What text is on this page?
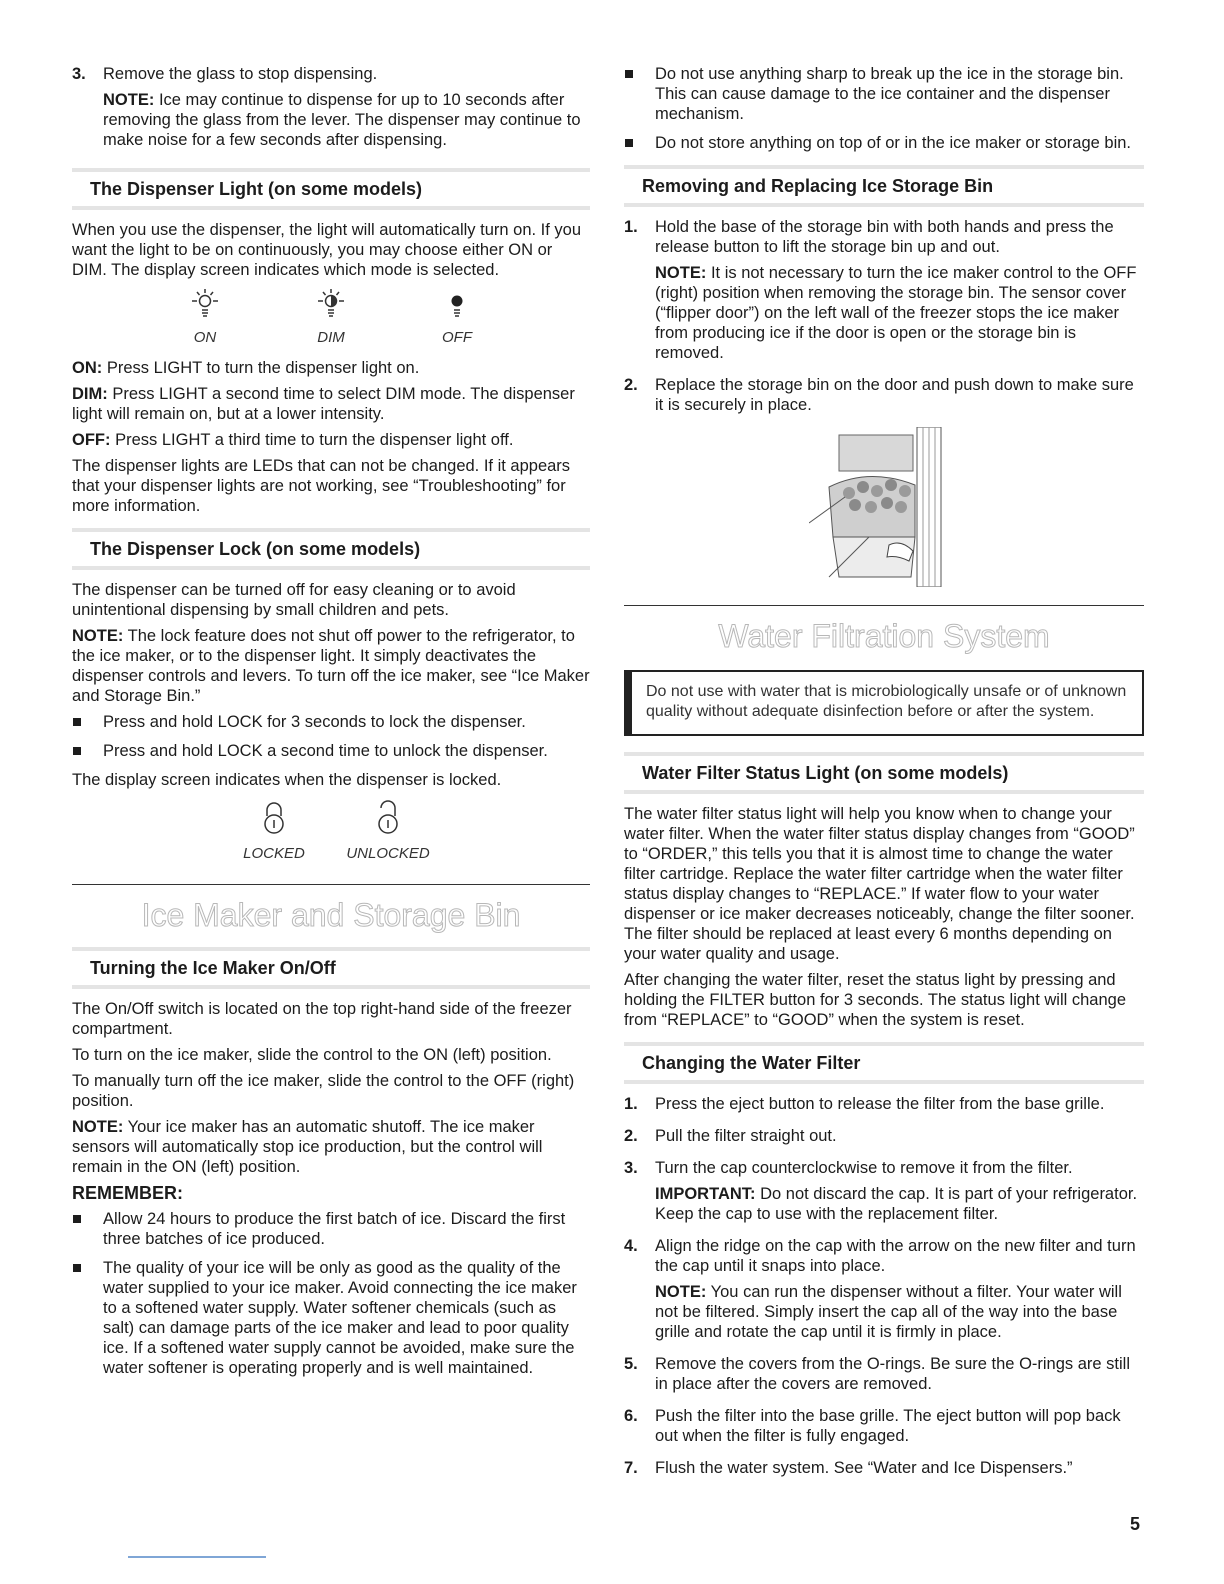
3.	Remove the glass to stop dispensing.

NOTE: Ice may continue to dispense for up to 10 seconds after removing the glass from the lever. The dispenser may continue to make noise for a few seconds after dispensing.

The Dispenser Light (on some models)

When you use the dispenser, the light will automatically turn on. If you want the light to be on continuously, you may choose either ON or DIM. The display screen indicates which mode is selected.

ON	DIM	OFF

ON: Press LIGHT to turn the dispenser light on.

DIM: Press LIGHT a second time to select DIM mode. The dispenser light will remain on, but at a lower intensity.

OFF: Press LIGHT a third time to turn the dispenser light off.

The dispenser lights are LEDs that can not be changed. If it appears that your dispenser lights are not working, see “Troubleshooting” for more information.

The Dispenser Lock (on some models)

The dispenser can be turned off for easy cleaning or to avoid unintentional dispensing by small children and pets.

NOTE: The lock feature does not shut off power to the refrigerator, to the ice maker, or to the dispenser light. It simply deactivates the dispenser controls and levers. To turn off the ice maker, see “Ice Maker and Storage Bin.”

Press and hold LOCK for 3 seconds to lock the dispenser.
Press and hold LOCK a second time to unlock the dispenser.

The display screen indicates when the dispenser is locked.

LOCKED	UNLOCKED
Ice Maker and Storage Bin
Turning the Ice Maker On/Off

The On/Off switch is located on the top right-hand side of the freezer compartment.

To turn on the ice maker, slide the control to the ON (left) position.

To manually turn off the ice maker, slide the control to the OFF (right) position.

NOTE: Your ice maker has an automatic shutoff. The ice maker sensors will automatically stop ice production, but the control will remain in the ON (left) position.

REMEMBER:
Allow 24 hours to produce the first batch of ice. Discard the first three batches of ice produced.
The quality of your ice will be only as good as the quality of the water supplied to your ice maker. Avoid connecting the ice maker to a softened water supply. Water softener chemicals (such as salt) can damage parts of the ice maker and lead to poor quality ice. If a softened water supply cannot be avoided, make sure the water softener is operating properly and is well maintained.
Do not use anything sharp to break up the ice in the storage bin. This can cause damage to the ice container and the dispenser mechanism.
Do not store anything on top of or in the ice maker or storage bin.
Removing and Replacing Ice Storage Bin
1.	Hold the base of the storage bin with both hands and press the release button to lift the storage bin up and out.

NOTE: It is not necessary to turn the ice maker control to the OFF (right) position when removing the storage bin. The sensor cover (“flipper door”) on the left wall of the freezer stops the ice maker from producing ice if the door is open or the storage bin is removed.

2.	Replace the storage bin on the door and push down to make sure it is securely in place.

Water Filtration System
Do not use with water that is microbiologically unsafe or of unknown quality without adequate disinfection before or after the system.
Water Filter Status Light (on some models)

The water filter status light will help you know when to change your water filter. When the water filter status display changes from “GOOD” to “ORDER,” this tells you that it is almost time to change the water filter cartridge. Replace the water filter cartridge when the water filter status display changes to “REPLACE.” If water flow to your water dispenser or ice maker decreases noticeably, change the filter sooner. The filter should be replaced at least every 6 months depending on your water quality and usage.

After changing the water filter, reset the status light by pressing and holding the FILTER button for 3 seconds. The status light will change from “REPLACE” to “GOOD” when the system is reset.

Changing the Water Filter
1.	Press the eject button to release the filter from the base grille.

2.	Pull the filter straight out.

3.	Turn the cap counterclockwise to remove it from the filter.

IMPORTANT: Do not discard the cap. It is part of your refrigerator. Keep the cap to use with the replacement filter.

4.	Align the ridge on the cap with the arrow on the new filter and turn the cap until it snaps into place.

NOTE: You can run the dispenser without a filter. Your water will not be filtered. Simply insert the cap all of the way into the base grille and rotate the cap until it is firmly in place.

5.	Remove the covers from the O-rings. Be sure the O-rings are still in place after the covers are removed.

6.	Push the filter into the base grille. The eject button will pop back out when the filter is fully engaged.

7.	Flush the water system. See “Water and Ice Dispensers.”

5
